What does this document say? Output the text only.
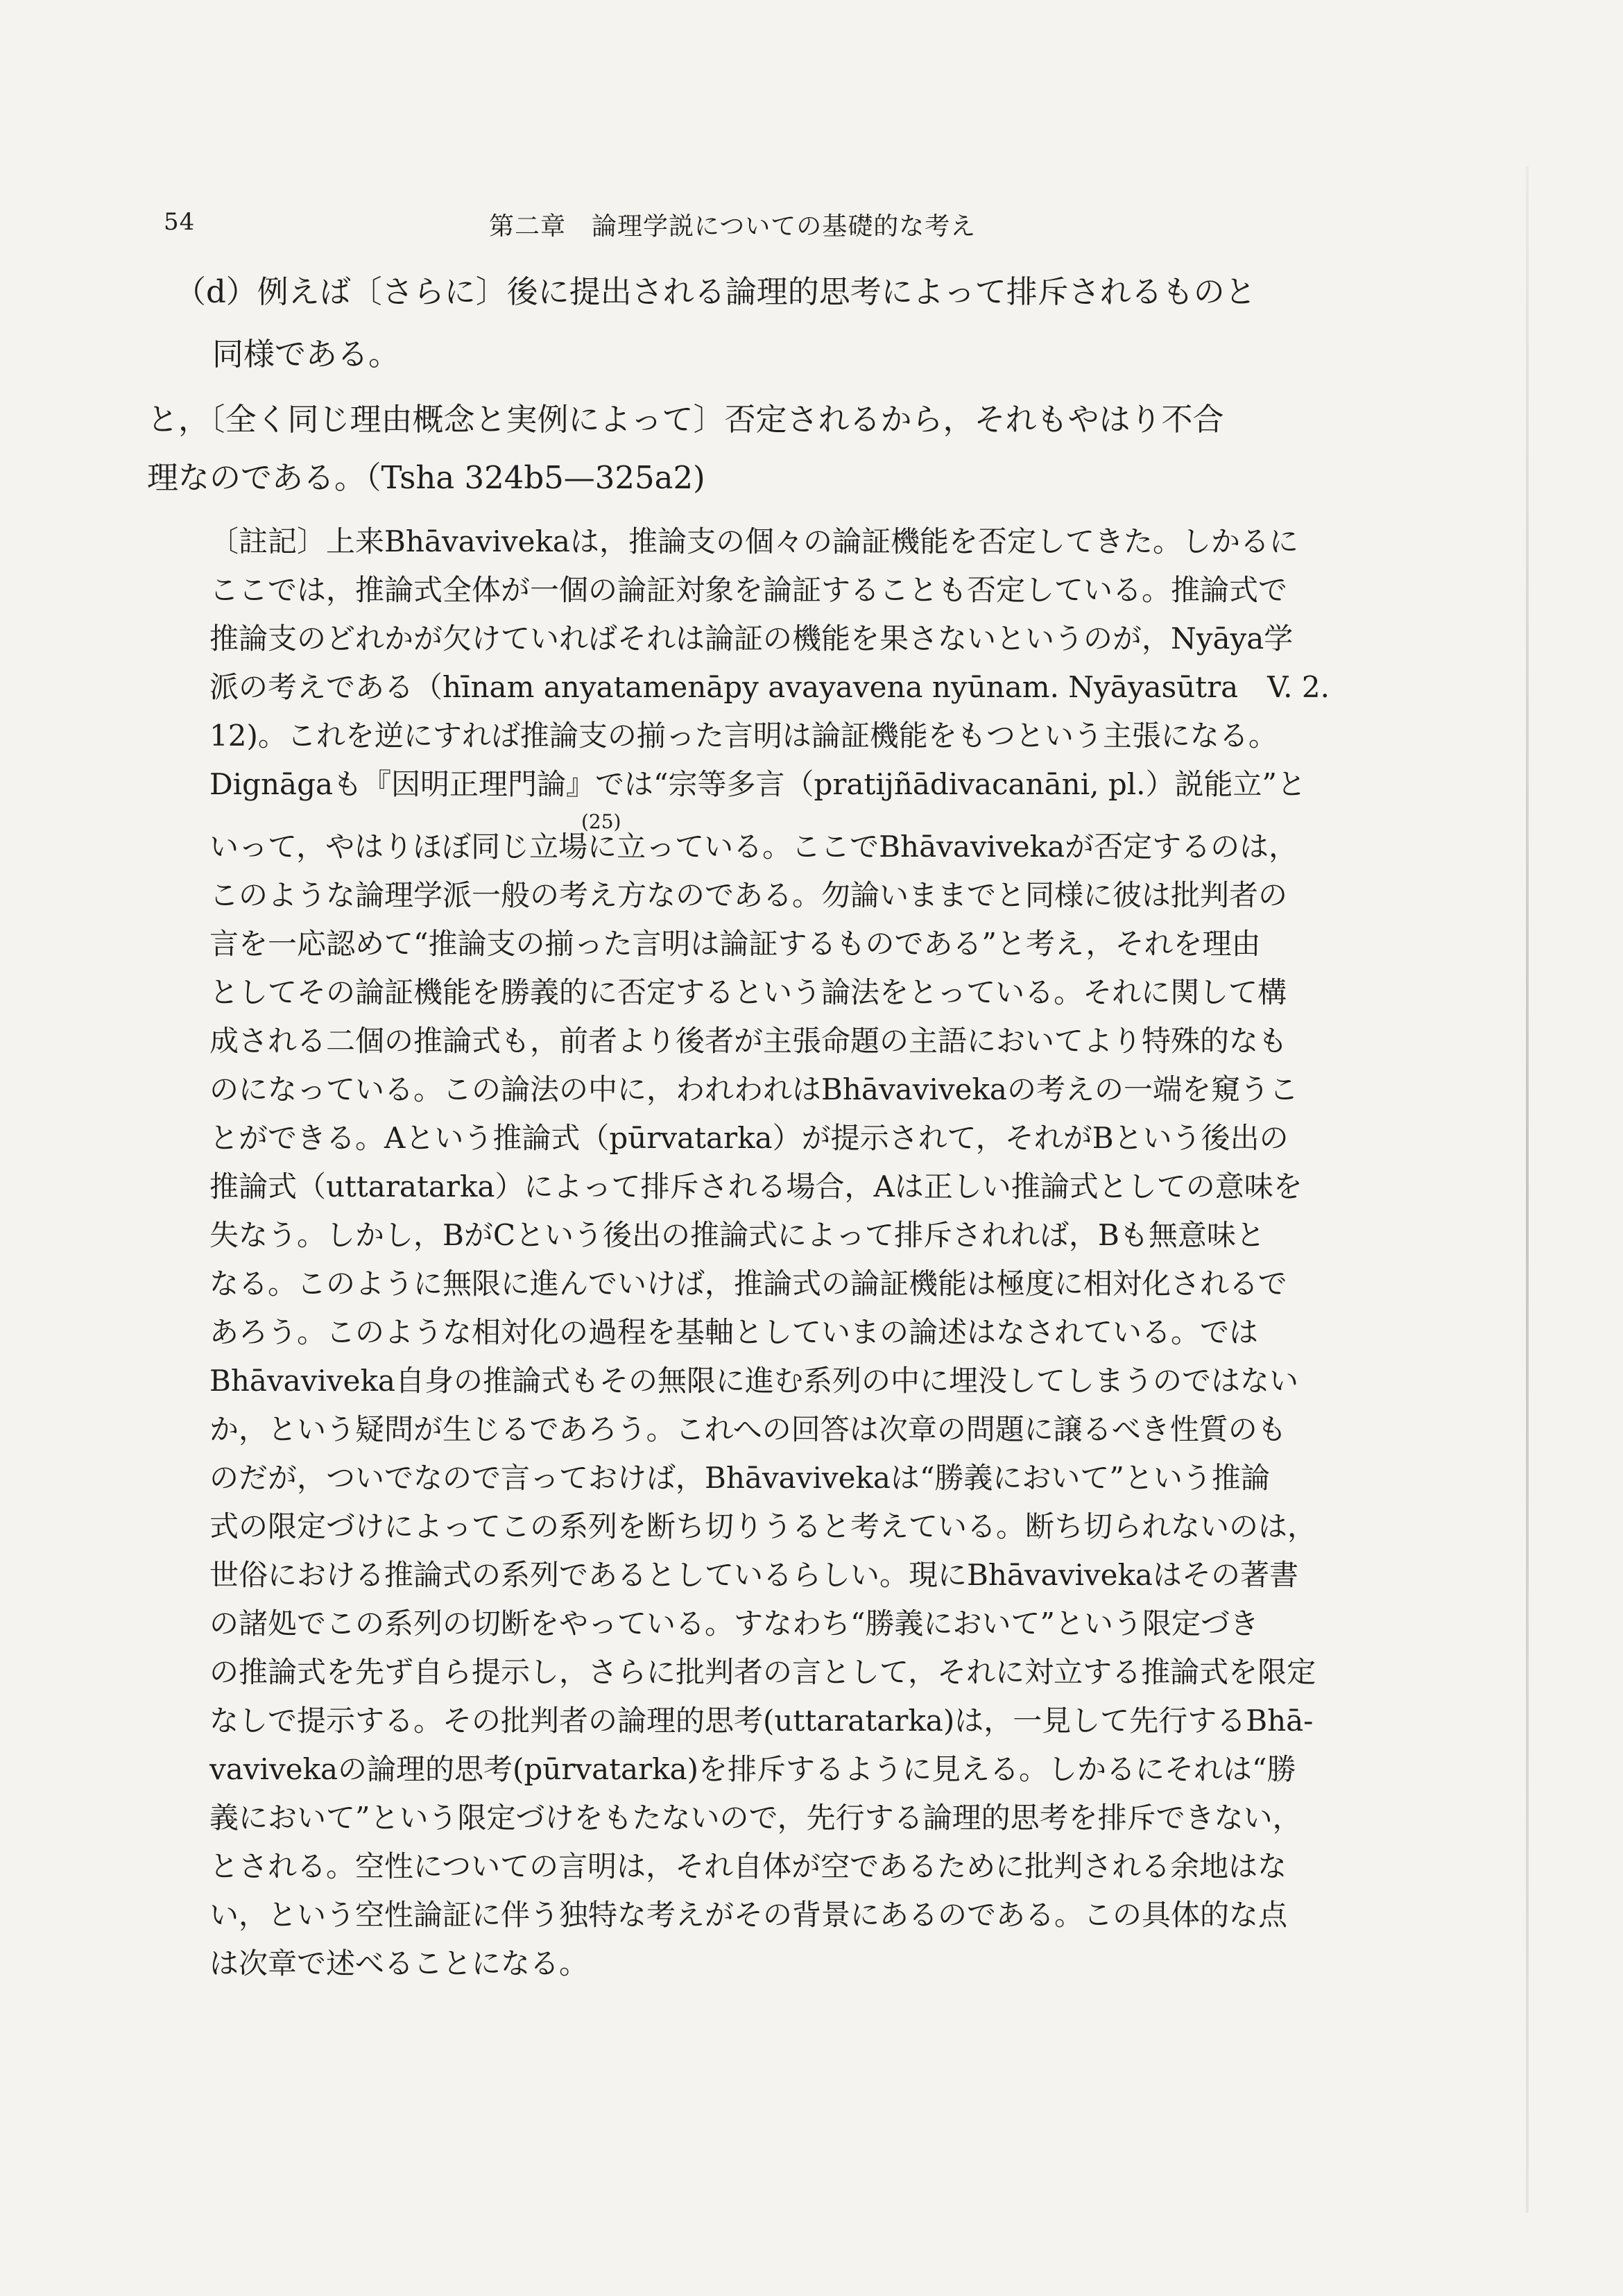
54	第二章　論理学説についての基礎的な考え
（d）例えば〔さらに〕後に提出される論理的思考によって排斥されるものと
同様である。
と，〔全く同じ理由概念と実例によって〕否定されるから，それもやはり不合
理なのである。（Tsha 324b5—325a2)
〔註記〕上来Bhāvavivekaは，推論支の個々の論証機能を否定してきた。しかるに
ここでは，推論式全体が一個の論証対象を論証することも否定している。推論式で
推論支のどれかが欠けていればそれは論証の機能を果さないというのが，Nyāya学
派の考えである（hīnam anyatamenāpy avayavena nyūnam. Nyāyasūtra　V. 2.
12)。これを逆にすれば推論支の揃った言明は論証機能をもつという主張になる。
Dignāgaも『因明正理門論』では“宗等多言（pratijñādivacanāni, pl.）説能立”と
(25)
いって，やはりほぼ同じ立場に立っている。ここでBhāvavivekaが否定するのは，
このような論理学派一般の考え方なのである。勿論いままでと同様に彼は批判者の
言を一応認めて“推論支の揃った言明は論証するものである”と考え，それを理由
としてその論証機能を勝義的に否定するという論法をとっている。それに関して構
成される二個の推論式も，前者より後者が主張命題の主語においてより特殊的なも
のになっている。この論法の中に，われわれはBhāvavivekaの考えの一端を窺うこ
とができる。Aという推論式（pūrvatarka）が提示されて，それがBという後出の
推論式（uttaratarka）によって排斥される場合，Aは正しい推論式としての意味を
失なう。しかし，BがCという後出の推論式によって排斥されれば，Bも無意味と
なる。このように無限に進んでいけば，推論式の論証機能は極度に相対化されるで
あろう。このような相対化の過程を基軸としていまの論述はなされている。では
Bhāvaviveka自身の推論式もその無限に進む系列の中に埋没してしまうのではない
か，という疑問が生じるであろう。これへの回答は次章の問題に譲るべき性質のも
のだが，ついでなので言っておけば，Bhāvavivekaは“勝義において”という推論
式の限定づけによってこの系列を断ち切りうると考えている。断ち切られないのは，
世俗における推論式の系列であるとしているらしい。現にBhāvavivekaはその著書
の諸処でこの系列の切断をやっている。すなわち“勝義において”という限定づき
の推論式を先ず自ら提示し，さらに批判者の言として，それに対立する推論式を限定
なしで提示する。その批判者の論理的思考(uttaratarka)は，一見して先行するBhā-
vavivekaの論理的思考(pūrvatarka)を排斥するように見える。しかるにそれは“勝
義において”という限定づけをもたないので，先行する論理的思考を排斥できない，
とされる。空性についての言明は，それ自体が空であるために批判される余地はな
い，という空性論証に伴う独特な考えがその背景にあるのである。この具体的な点
は次章で述べることになる。
